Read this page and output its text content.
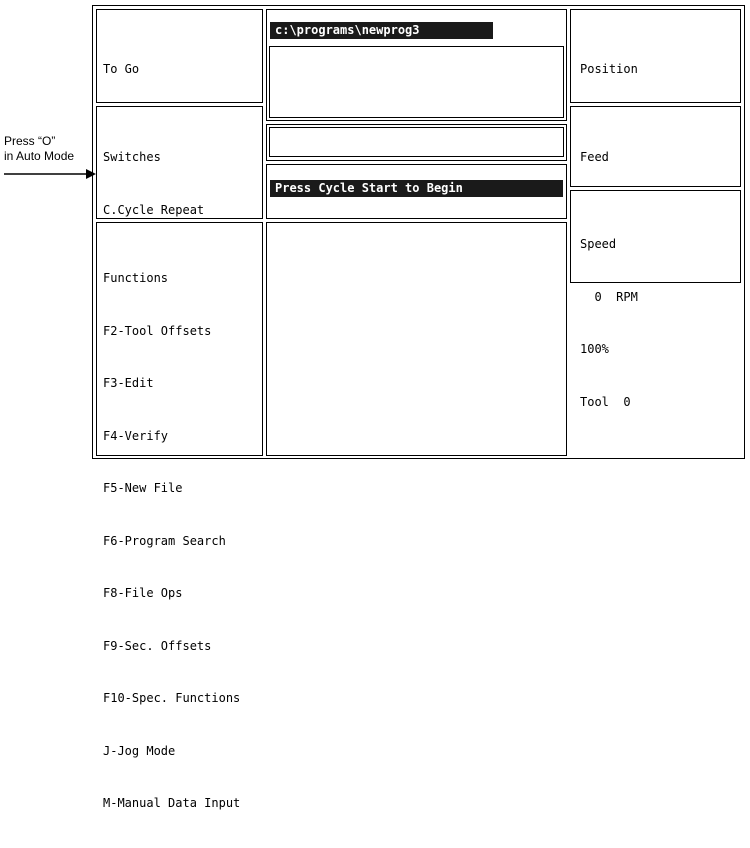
Press “O”
in Auto Mode

To Go

Switches

C.Cycle Repeat

Functions

F2-Tool Offsets

F3-Edit

F4-Verify

F5-New File

F6-Program Search

F8-File Ops

F9-Sec. Offsets

F10-Spec. Functions

J-Jog Mode

M-Manual Data Input

c:\programs\newprog3
Press Cycle Start to Begin

Position

Feed

Speed

0  RPM

100%

Tool  0
